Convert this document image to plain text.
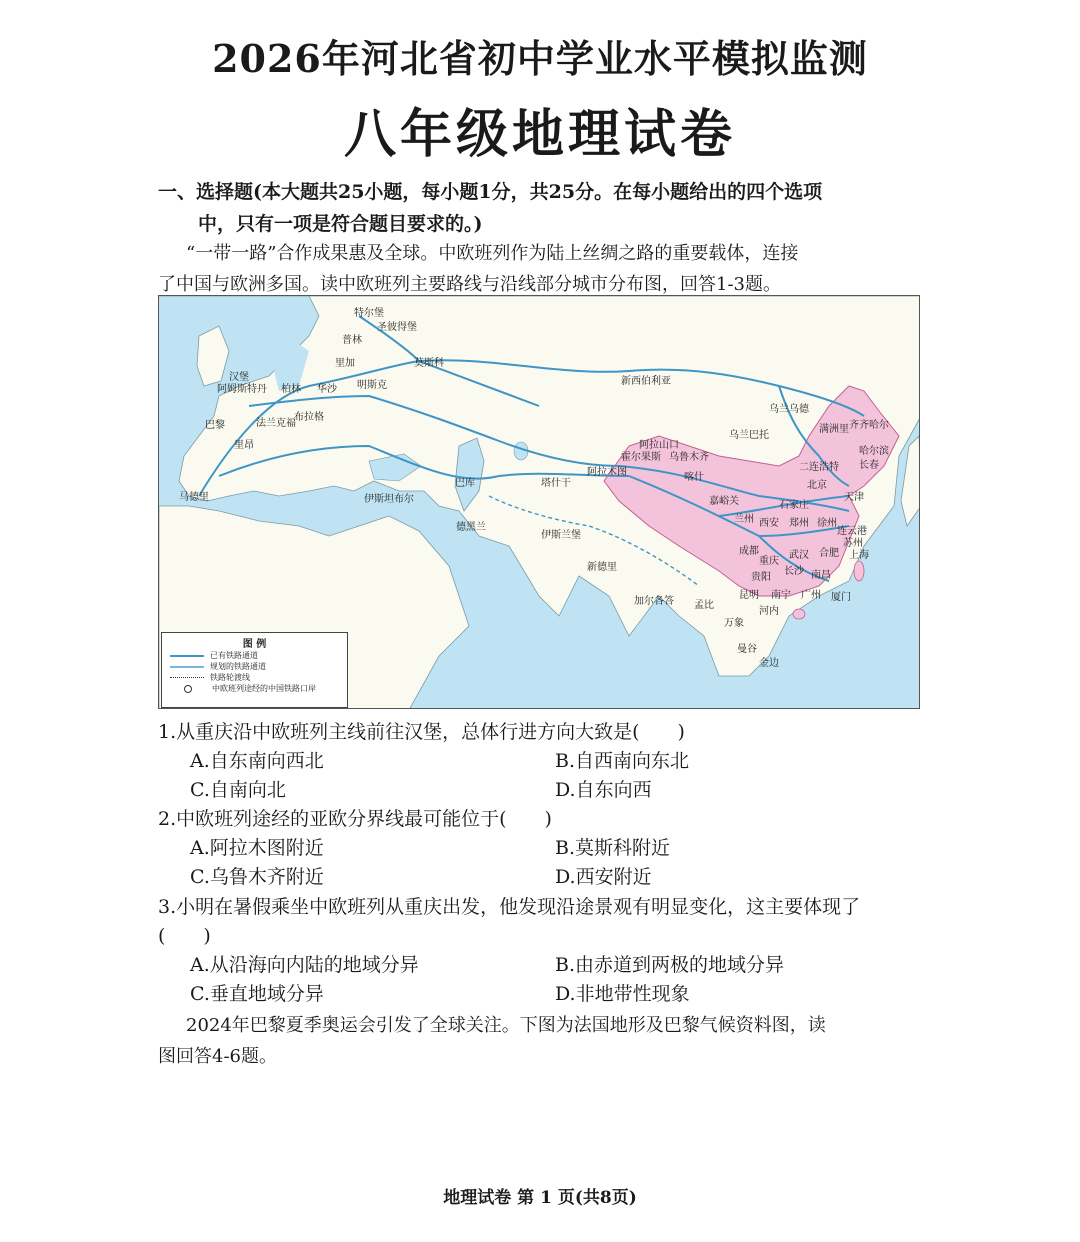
2026年河北省初中学业水平模拟监测
八年级地理试卷
一、选择题(本大题共25小题，每小题1分，共25分。在每小题给出的四个选项
中，只有一项是符合题目要求的。)
“一带一路”合作成果惠及全球。中欧班列作为陆上丝绸之路的重要载体，连接
了中国与欧洲多国。读中欧班列主要路线与沿线部分城市分布图，回答1-3题。
特尔堡
圣彼得堡
普林
里加	莫斯科
汉堡
阿姆斯特丹 柏林 华沙 明斯克
布拉格
法兰克福
巴黎
里昂
马德里	伊斯坦布尔
德黑兰
巴库	塔什干
阿拉木图
阿拉山口
霍尔果斯 乌鲁木齐
喀什
新西伯利亚
乌兰乌德
满洲里
乌兰巴托
齐齐哈尔
哈尔滨
长春
二连浩特
北京
天津
石家庄
郑州
西安
兰州
嘉峪关
徐州
连云港
苏州
上海
成都
重庆
武汉 合肥
长沙
贵阳	南昌
昆明 南宁 广州 厦门
河内
万象
曼谷
金边
加尔各答 孟比
新德里
伊斯兰堡
图 例
已有铁路通道
规划的铁路通道
铁路轮渡线
中欧班列途经的中国铁路口岸
1.从重庆沿中欧班列主线前往汉堡，总体行进方向大致是(　　)
A.自东南向西北	B.自西南向东北
C.自南向北	D.自东向西
2.中欧班列途经的亚欧分界线最可能位于(　　)
A.阿拉木图附近	B.莫斯科附近
C.乌鲁木齐附近	D.西安附近
3.小明在暑假乘坐中欧班列从重庆出发，他发现沿途景观有明显变化，这主要体现了
(　　)
A.从沿海向内陆的地域分异	B.由赤道到两极的地域分异
C.垂直地域分异	D.非地带性现象
2024年巴黎夏季奥运会引发了全球关注。下图为法国地形及巴黎气候资料图，读
图回答4-6题。
地理试卷 第 1 页(共8页)
